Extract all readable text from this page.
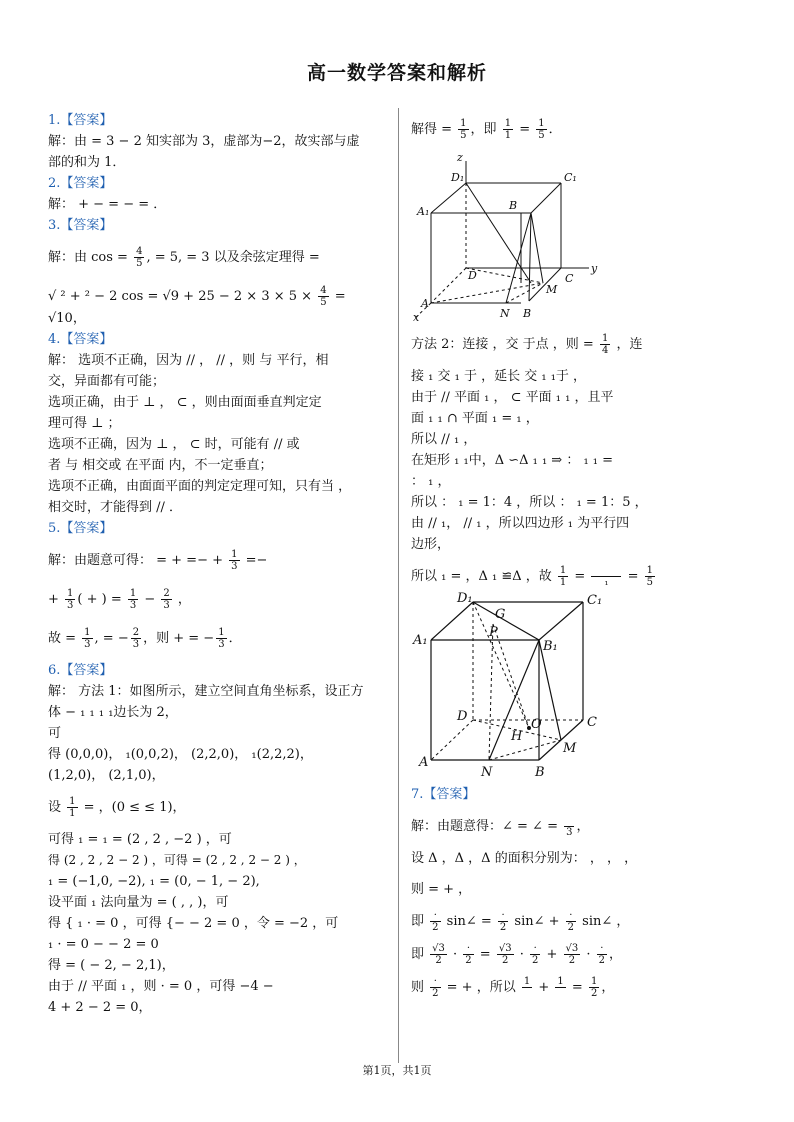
高一数学答案和解析
1.【答案】
解：由 = 3 − 2 知实部为 3，虚部为−2，故实部与虚
部的和为 1．
2.【答案】
解： + − = − = ．
3.【答案】
解：由 $\cos = \frac{4}{5}$ , = 5, = 3 以及余弦定理得 =
√ ² + ² − 2 $\cos = √9 + 25 - 2 \times 3 \times 5 \times \frac{4}{5}$ =
√10，
4.【答案】
解： 选项不正确，因为 // ， // ，则 与 平行，相
交，异面都有可能；
选项正确，由于 ⊥ ， ⊂ ，则由面面垂直判定定
理可得 ⊥ ；
选项不正确，因为 ⊥ ， ⊂ 时，可能有 // 或
者 与 相交或 在平面 内，不一定垂直；
选项不正确，由面面平面的判定定理可知，只有当 ，
相交时，才能得到 // ．
5.【答案】
解：由题意可得： = + =− + $\frac{1}{3}$ =−
+ $\frac{1}{3}$ ( + ) = $\frac{1}{3} - \frac{2}{3}$ ，
故 = $\frac{1}{3}$ , = − $\frac{2}{3}$ ，则 + = − $\frac{1}{3}$ ．
6.【答案】
解： 方法 1：如图所示，建立空间直角坐标系，设正方
体 − ₁ ₁ ₁ ₁边长为 2，
可
得 (0,0,0)， ₁(0,0,2)， (2,2,0)， ₁(2,2,2)，
(1,2,0)， (2,1,0)，
设 $\frac{1}{1}$ = ，(0 ≤ ≤ 1)，
可得 ₁ = ₁ = (2 , 2 , −2 ) ，可
得 (2 , 2 , 2 − 2 ) ，可得 = (2 , 2 , 2 − 2 ) ，
₁ = (−1,0, −2), ₁ = (0, − 1, − 2),
设平面 ₁ 法向量为 = ( , , )，可
得 { ₁ · = 0 ，可得 {− − 2 = 0 ，令 = −2 ，可
₁ · = 0 − − 2 = 0
得 = ( − 2, − 2,1)，
由于 // 平面 ₁ ，则 · = 0 ，可得 −4 −
4 + 2 − 2 = 0，
解得 = $\frac{1}{5}$ ，即 $\frac{1}{1} = \frac{1}{5}$ ．
z
y
x
D₁	C₁
A₁	B
D	C
A
N B
M
方法 2：连接 ，交 于点 ，则 = $\frac{1}{4}$ ，连
接 ₁ 交 ₁ 于 ，延长 交 ₁ ₁于 ，
由于 // 平面 ₁ ， ⊂ 平面 ₁ ₁ ，且平
面 ₁ ₁ ∩ 平面 ₁ = ₁ ，
所以 // ₁ ，
在矩形 ₁ ₁中，Δ ∽Δ ₁ ₁ ⇒ ： ₁ ₁ =
： ₁ ，
所以 ： ₁ = 1：4 ，所以 ： ₁ = 1：5 ，
由 // ₁， // ₁ ，所以四边形 ₁ 为平行四
边形，
所以 ₁ = ，Δ ₁ ≌Δ ，故 $\frac{1}{1}$ =
	₁	= $\frac{1}{5}$
D₁
G
C₁
P
A₁	B₁
D	C
H
O
A
N	B
M
7.【答案】
解：由题意得：∠ = ∠ =
3 ，
设 Δ ，Δ ，Δ 的面积分别为： ， ， ，
则 = + ，
即 $\frac{\cdot}{2}$ sin∠ = $\frac{\cdot}{2}$ sin∠ + $\frac{\cdot}{2}$ sin∠ ，
即 $\frac{√3}{2} \cdot \frac{\cdot}{2} = \frac{√3}{2} \cdot \frac{\cdot}{2} + \frac{√3}{2} \cdot \frac{\cdot}{2}$ ，
则 $\frac{\cdot}{2}$ = + ，所以 1
+ 1
= $\frac{1}{2}$ ，
第1页，共1页
